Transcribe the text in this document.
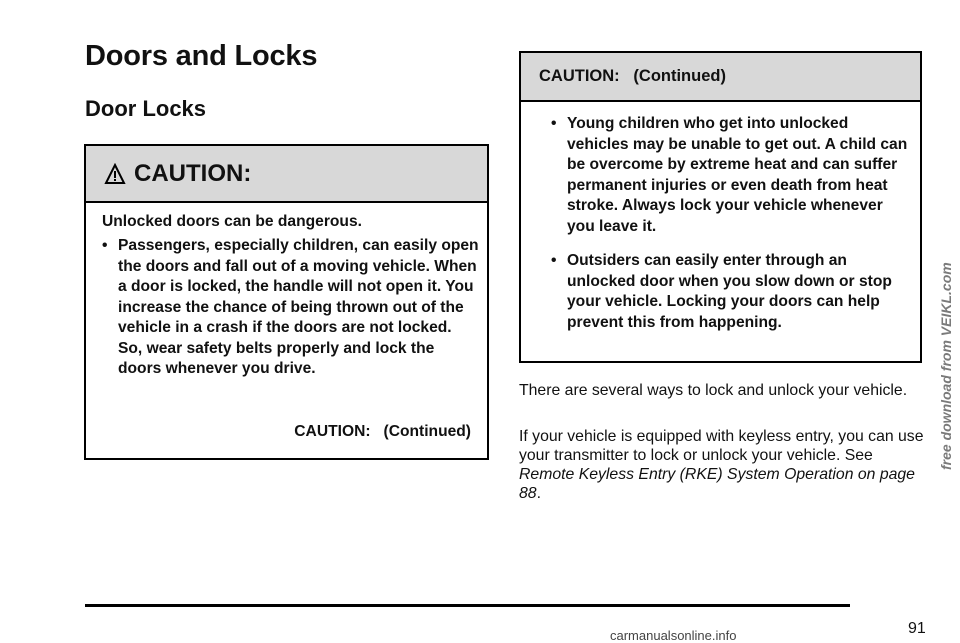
Doors and Locks
Door Locks
CAUTION:
Unlocked doors can be dangerous.
• Passengers, especially children, can easily open the doors and fall out of a moving vehicle. When a door is locked, the handle will not open it. You increase the chance of being thrown out of the vehicle in a crash if the doors are not locked. So, wear safety belts properly and lock the doors whenever you drive.
CAUTION:   (Continued)
CAUTION:   (Continued)
• Young children who get into unlocked vehicles may be unable to get out. A child can be overcome by extreme heat and can suffer permanent injuries or even death from heat stroke. Always lock your vehicle whenever you leave it.
• Outsiders can easily enter through an unlocked door when you slow down or stop your vehicle. Locking your doors can help prevent this from happening.
There are several ways to lock and unlock your vehicle.
If your vehicle is equipped with keyless entry, you can use your transmitter to lock or unlock your vehicle. See Remote Keyless Entry (RKE) System Operation on page 88.
91
free download from VEIKL.com
carmanualsonline.info
